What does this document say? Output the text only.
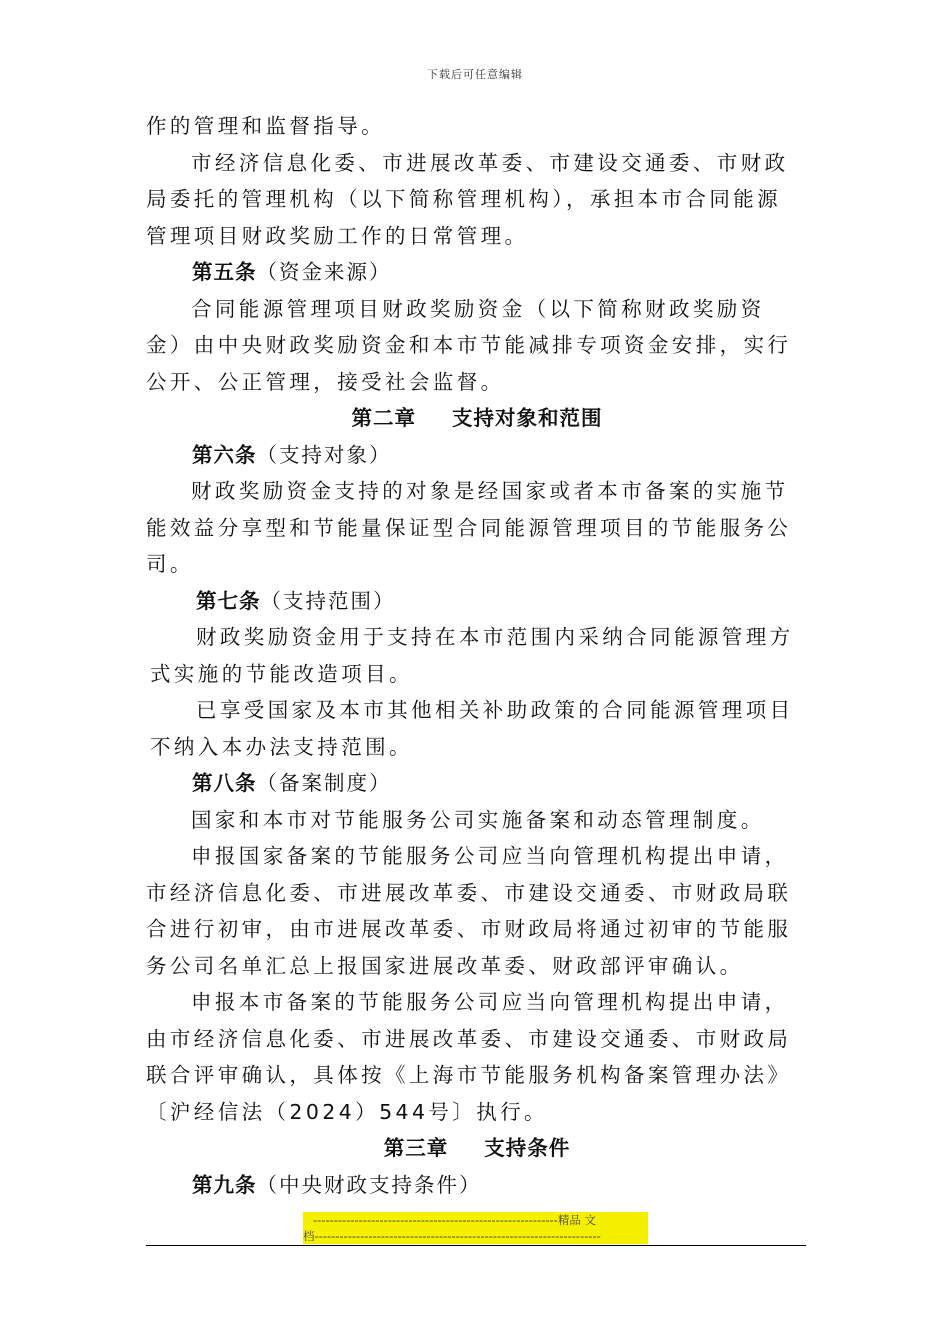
下载后可任意编辑
作的管理和监督指导。
市经济信息化委、市进展改革委、市建设交通委、市财政
局委托的管理机构（以下简称管理机构），承担本市合同能源
管理项目财政奖励工作的日常管理。
第五条（资金来源）
合同能源管理项目财政奖励资金（以下简称财政奖励资
金）由中央财政奖励资金和本市节能减排专项资金安排，实行
公开、公正管理，接受社会监督。
第二章 支持对象和范围
第六条（支持对象）
财政奖励资金支持的对象是经国家或者本市备案的实施节
能效益分享型和节能量保证型合同能源管理项目的节能服务公
司。
第七条（支持范围）
财政奖励资金用于支持在本市范围内采纳合同能源管理方
式实施的节能改造项目。
已享受国家及本市其他相关补助政策的合同能源管理项目
不纳入本办法支持范围。
第八条（备案制度）
国家和本市对节能服务公司实施备案和动态管理制度。
申报国家备案的节能服务公司应当向管理机构提出申请，
市经济信息化委、市进展改革委、市建设交通委、市财政局联
合进行初审，由市进展改革委、市财政局将通过初审的节能服
务公司名单汇总上报国家进展改革委、财政部评审确认。
申报本市备案的节能服务公司应当向管理机构提出申请，
由市经济信息化委、市进展改革委、市建设交通委、市财政局
联合评审确认，具体按《上海市节能服务机构备案管理办法》
〔沪经信法（2024）544号〕执行。
第三章 支持条件
第九条（中央财政支持条件）
-----------------------------------------------------------精品 文
档---------------------------------------------------------------------
